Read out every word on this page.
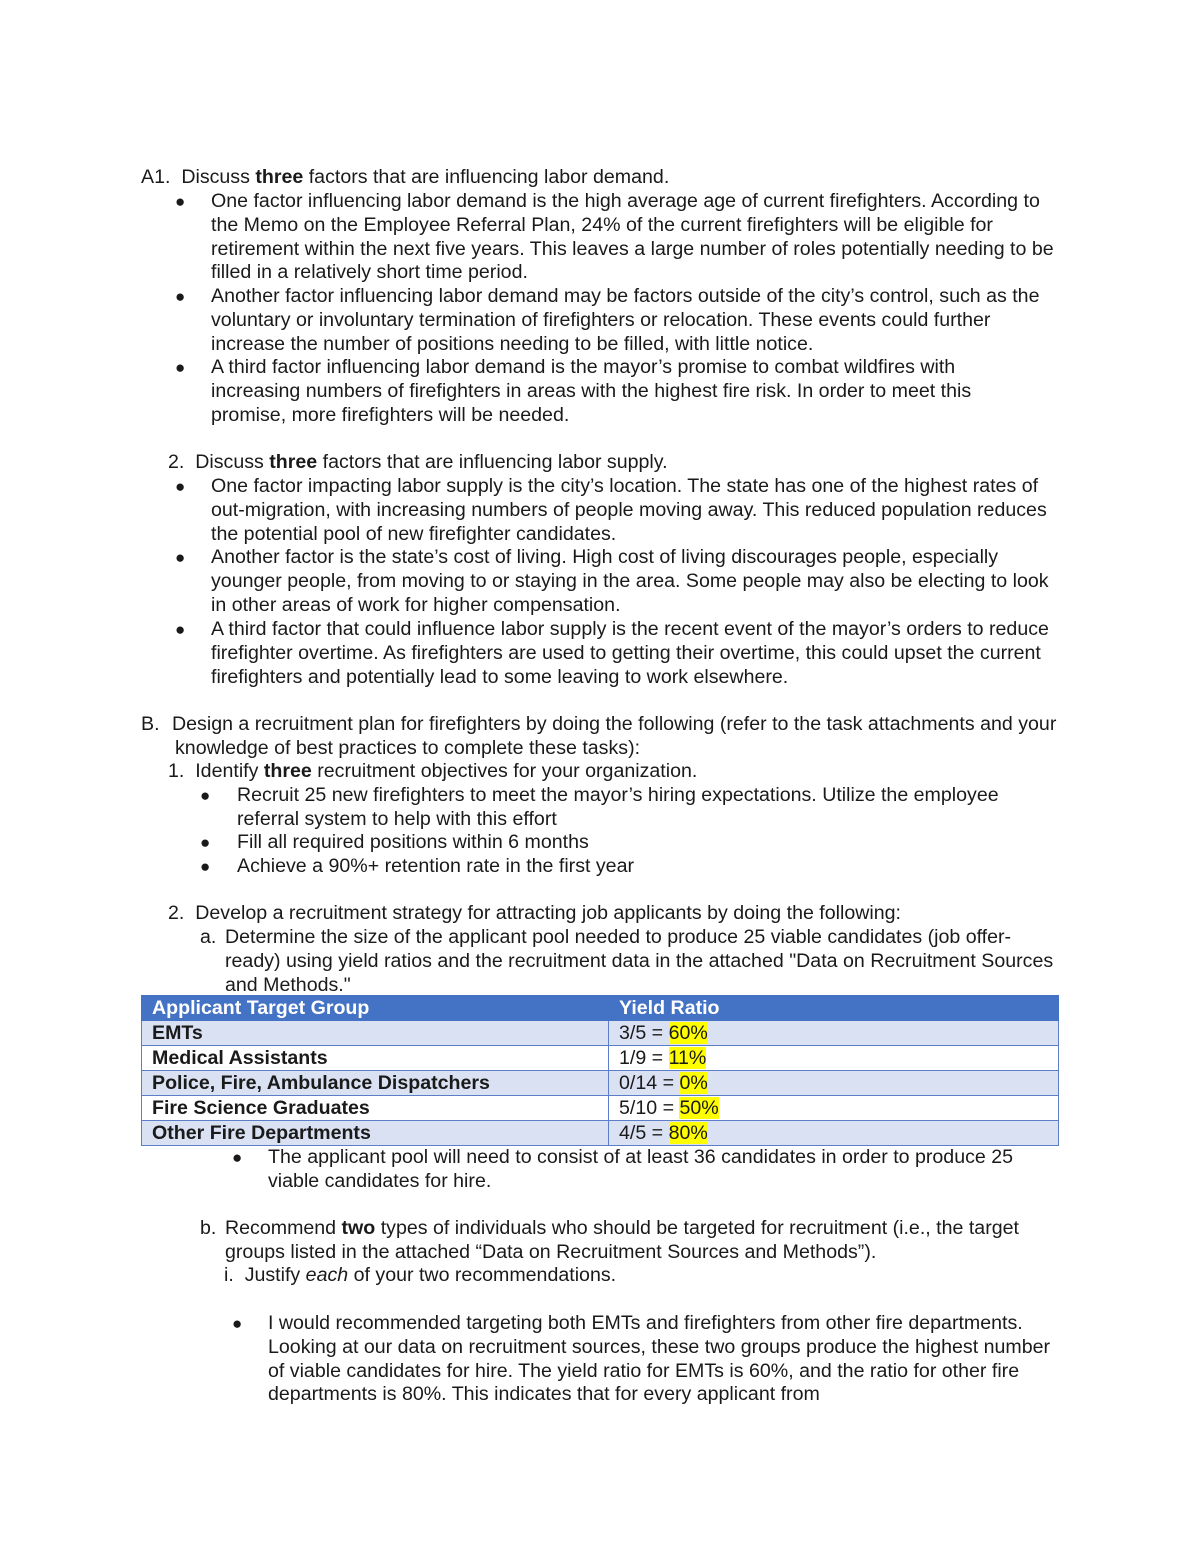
A1. Discuss three factors that are influencing labor demand.
● One factor influencing labor demand is the high average age of current firefighters. According to the Memo on the Employee Referral Plan, 24% of the current firefighters will be eligible for retirement within the next five years. This leaves a large number of roles potentially needing to be filled in a relatively short time period.
● Another factor influencing labor demand may be factors outside of the city’s control, such as the voluntary or involuntary termination of firefighters or relocation. These events could further increase the number of positions needing to be filled, with little notice.
● A third factor influencing labor demand is the mayor’s promise to combat wildfires with increasing numbers of firefighters in areas with the highest fire risk. In order to meet this promise, more firefighters will be needed.
2. Discuss three factors that are influencing labor supply.
● One factor impacting labor supply is the city’s location. The state has one of the highest rates of out-migration, with increasing numbers of people moving away. This reduced population reduces the potential pool of new firefighter candidates.
● Another factor is the state’s cost of living. High cost of living discourages people, especially younger people, from moving to or staying in the area. Some people may also be electing to look in other areas of work for higher compensation.
● A third factor that could influence labor supply is the recent event of the mayor’s orders to reduce firefighter overtime. As firefighters are used to getting their overtime, this could upset the current firefighters and potentially lead to some leaving to work elsewhere.
B. Design a recruitment plan for firefighters by doing the following (refer to the task attachments and your knowledge of best practices to complete these tasks):
1. Identify three recruitment objectives for your organization.
● Recruit 25 new firefighters to meet the mayor’s hiring expectations. Utilize the employee referral system to help with this effort
● Fill all required positions within 6 months
● Achieve a 90%+ retention rate in the first year
2. Develop a recruitment strategy for attracting job applicants by doing the following:
a. Determine the size of the applicant pool needed to produce 25 viable candidates (job offer-ready) using yield ratios and the recruitment data in the attached "Data on Recruitment Sources and Methods."
Applicant Target Group	Yield Ratio
EMTs	3/5 = 60%
Medical Assistants	1/9 = 11%
Police, Fire, Ambulance Dispatchers	0/14 = 0%
Fire Science Graduates	5/10 = 50%
Other Fire Departments	4/5 = 80%
● The applicant pool will need to consist of at least 36 candidates in order to produce 25 viable candidates for hire.
b. Recommend two types of individuals who should be targeted for recruitment (i.e., the target groups listed in the attached “Data on Recruitment Sources and Methods”).
i. Justify each of your two recommendations.
● I would recommended targeting both EMTs and firefighters from other fire departments. Looking at our data on recruitment sources, these two groups produce the highest number of viable candidates for hire. The yield ratio for EMTs is 60%, and the ratio for other fire departments is 80%. This indicates that for every applicant from
